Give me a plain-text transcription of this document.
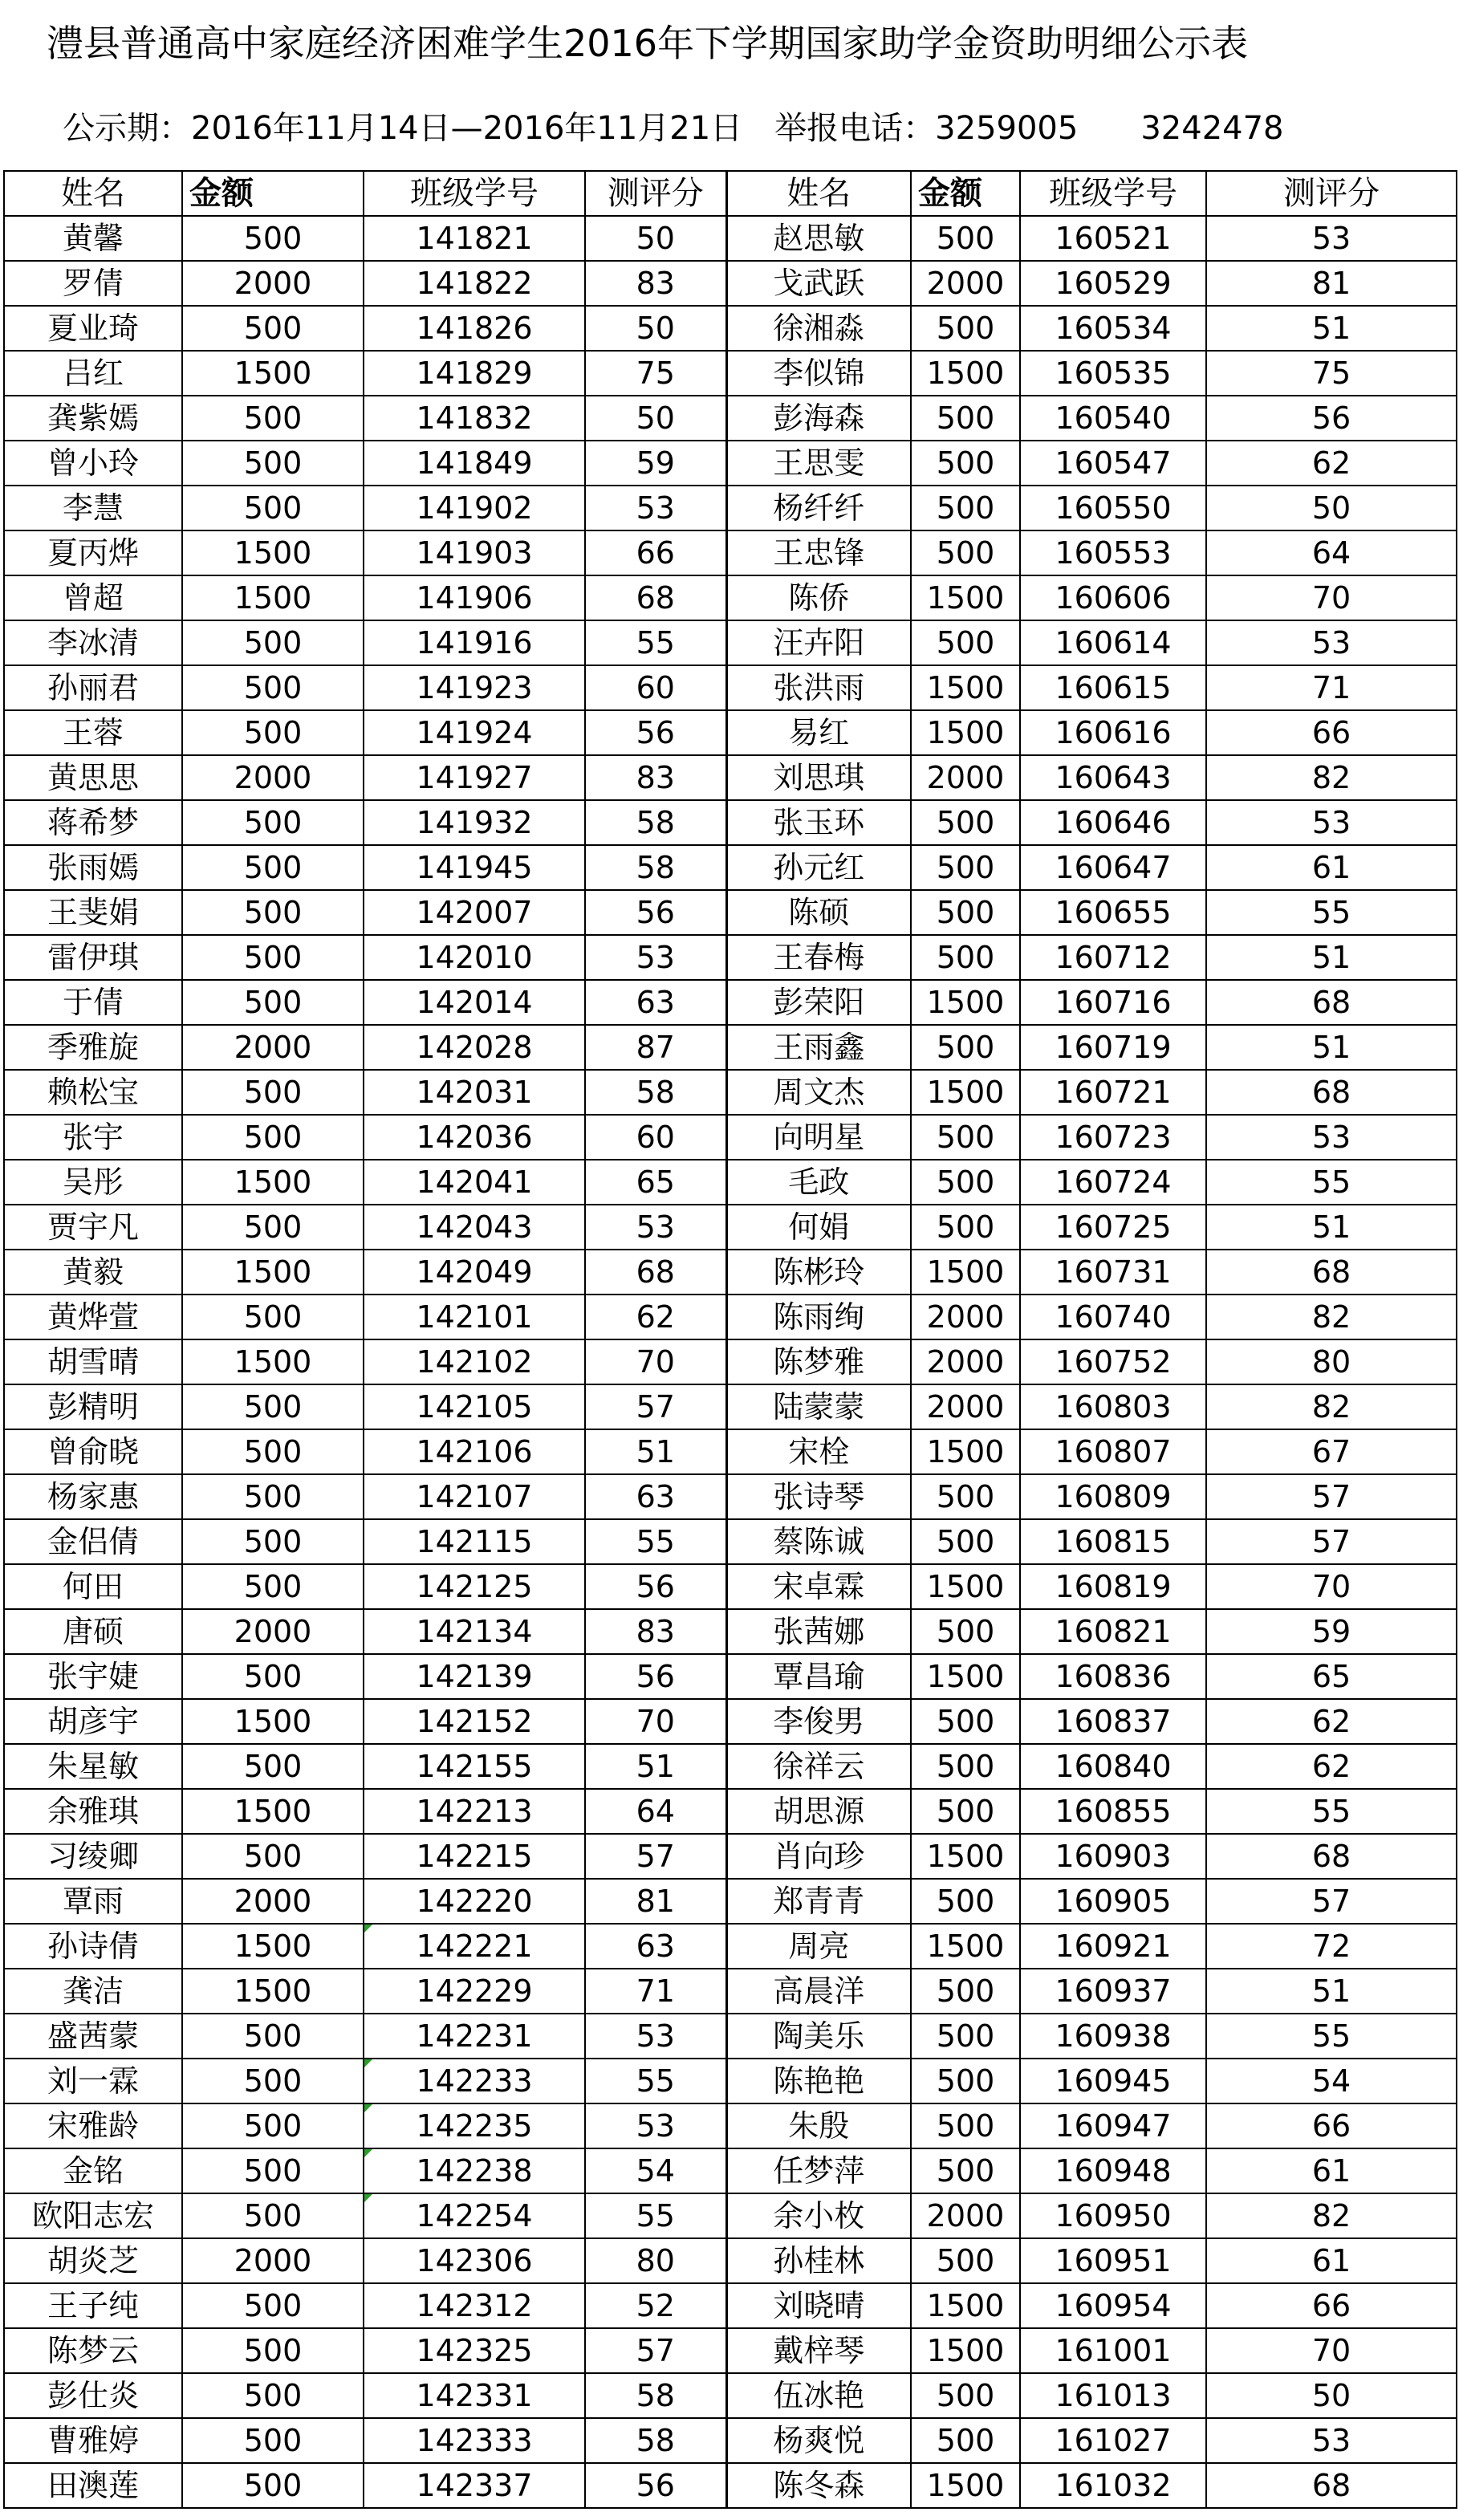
澧县普通高中家庭经济困难学生2016年下学期国家助学金资助明细公示表
公示期：2016年11月14日—2016年11月21日 举报电话：3259005 3242478
姓名	金额	班级学号	测评分	姓名	金额	班级学号	测评分
黄馨	500	141821	50	赵思敏	500	160521	53
罗倩	2000	141822	83	戈武跃	2000	160529	81
夏业琦	500	141826	50	徐湘淼	500	160534	51
吕红	1500	141829	75	李似锦	1500	160535	75
龚紫嫣	500	141832	50	彭海森	500	160540	56
曾小玲	500	141849	59	王思雯	500	160547	62
李慧	500	141902	53	杨纤纤	500	160550	50
夏丙烨	1500	141903	66	王忠锋	500	160553	64
曾超	1500	141906	68	陈侨	1500	160606	70
李冰清	500	141916	55	汪卉阳	500	160614	53
孙丽君	500	141923	60	张洪雨	1500	160615	71
王蓉	500	141924	56	易红	1500	160616	66
黄思思	2000	141927	83	刘思琪	2000	160643	82
蒋希梦	500	141932	58	张玉环	500	160646	53
张雨嫣	500	141945	58	孙元红	500	160647	61
王斐娟	500	142007	56	陈硕	500	160655	55
雷伊琪	500	142010	53	王春梅	500	160712	51
于倩	500	142014	63	彭荣阳	1500	160716	68
季雅旋	2000	142028	87	王雨鑫	500	160719	51
赖松宝	500	142031	58	周文杰	1500	160721	68
张宇	500	142036	60	向明星	500	160723	53
吴彤	1500	142041	65	毛政	500	160724	55
贾宇凡	500	142043	53	何娟	500	160725	51
黄毅	1500	142049	68	陈彬玲	1500	160731	68
黄烨萱	500	142101	62	陈雨绚	2000	160740	82
胡雪晴	1500	142102	70	陈梦雅	2000	160752	80
彭精明	500	142105	57	陆蒙蒙	2000	160803	82
曾俞晓	500	142106	51	宋栓	1500	160807	67
杨家惠	500	142107	63	张诗琴	500	160809	57
金侣倩	500	142115	55	蔡陈诚	500	160815	57
何田	500	142125	56	宋卓霖	1500	160819	70
唐硕	2000	142134	83	张茜娜	500	160821	59
张宇婕	500	142139	56	覃昌瑜	1500	160836	65
胡彦宇	1500	142152	70	李俊男	500	160837	62
朱星敏	500	142155	51	徐祥云	500	160840	62
余雅琪	1500	142213	64	胡思源	500	160855	55
习绫卿	500	142215	57	肖向珍	1500	160903	68
覃雨	2000	142220	81	郑青青	500	160905	57
孙诗倩	1500	142221	63	周亮	1500	160921	72
龚洁	1500	142229	71	高晨洋	500	160937	51
盛茜蒙	500	142231	53	陶美乐	500	160938	55
刘一霖	500	142233	55	陈艳艳	500	160945	54
宋雅龄	500	142235	53	朱殷	500	160947	66
金铭	500	142238	54	任梦萍	500	160948	61
欧阳志宏	500	142254	55	余小枚	2000	160950	82
胡炎芝	2000	142306	80	孙桂林	500	160951	61
王子纯	500	142312	52	刘晓晴	1500	160954	66
陈梦云	500	142325	57	戴梓琴	1500	161001	70
彭仕炎	500	142331	58	伍冰艳	500	161013	50
曹雅婷	500	142333	58	杨爽悦	500	161027	53
田澳莲	500	142337	56	陈冬森	1500	161032	68
